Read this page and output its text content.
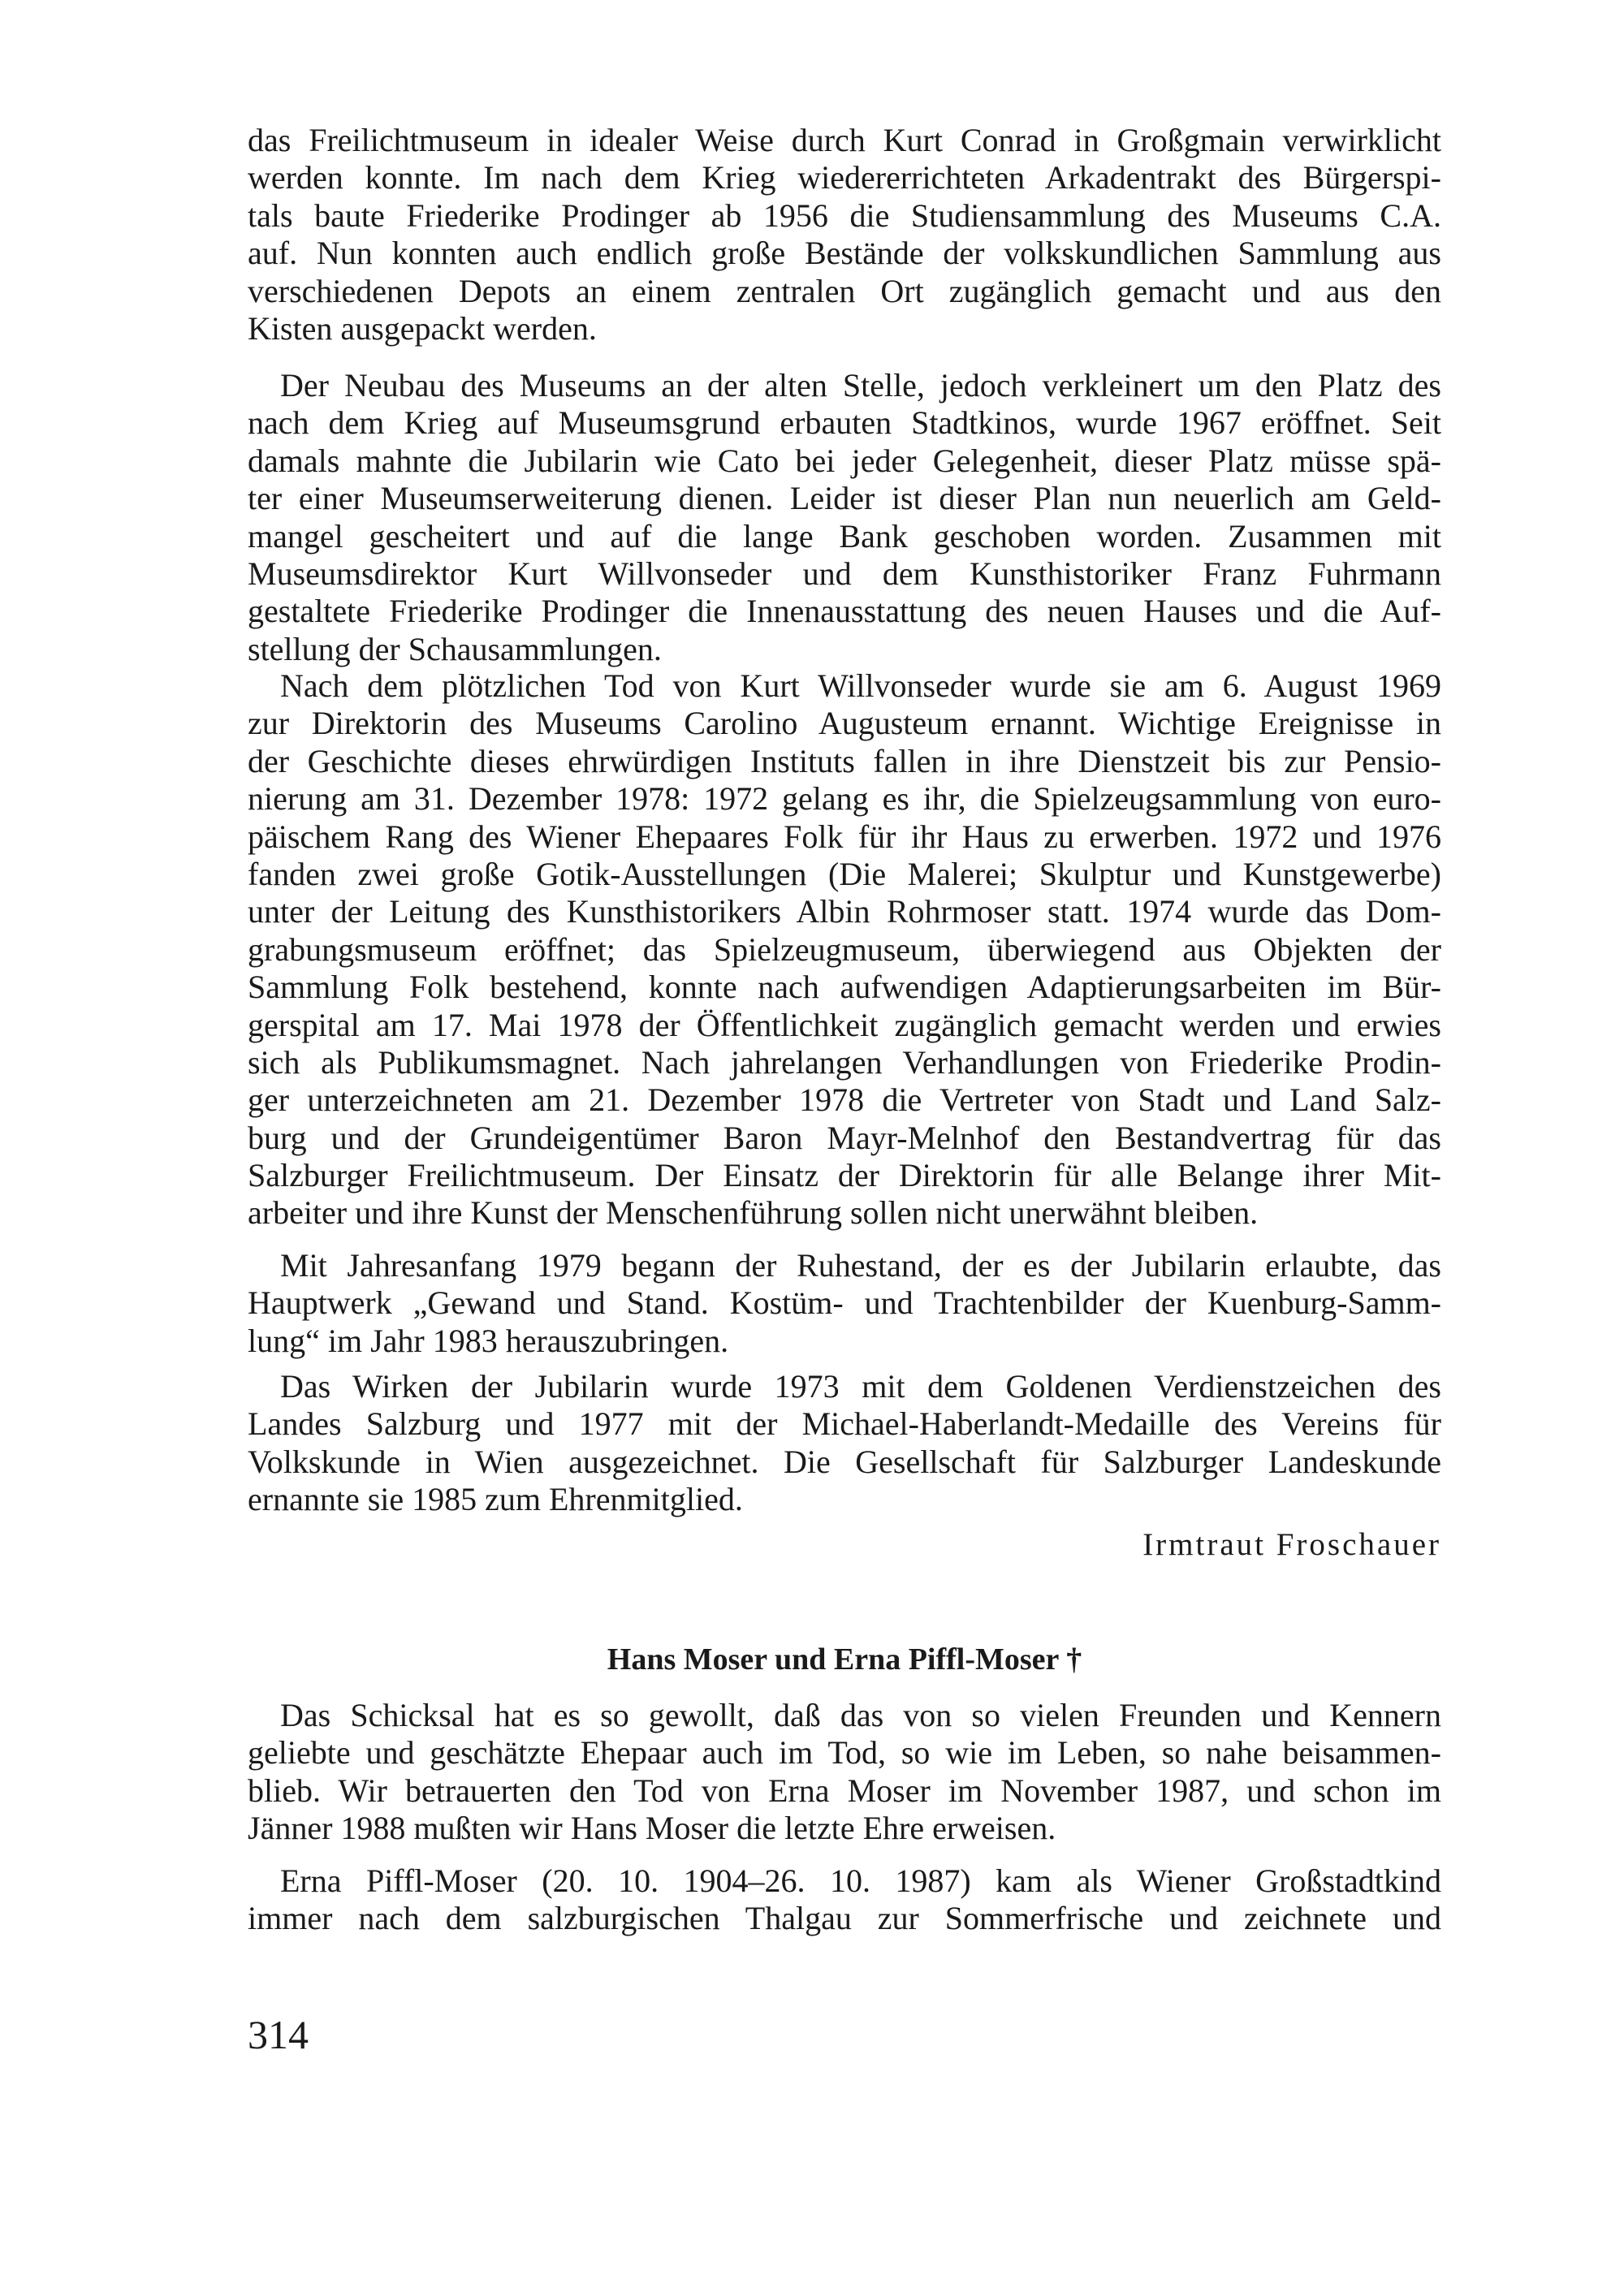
Irmtraut Froschauer
Hans Moser und Erna Piffl-Moser †
314
das Freilichtmuseum in idealer Weise durch Kurt Conrad in Großgmain verwirklicht
werden konnte. Im nach dem Krieg wiedererrichteten Arkadentrakt des Bürgerspi-
tals baute Friederike Prodinger ab 1956 die Studiensammlung des Museums C.A.
auf. Nun konnten auch endlich große Bestände der volkskundlichen Sammlung aus
verschiedenen Depots an einem zentralen Ort zugänglich gemacht und aus den
Kisten ausgepackt werden.
Der Neubau des Museums an der alten Stelle, jedoch verkleinert um den Platz des
nach dem Krieg auf Museumsgrund erbauten Stadtkinos, wurde 1967 eröffnet. Seit
damals mahnte die Jubilarin wie Cato bei jeder Gelegenheit, dieser Platz müsse spä-
ter einer Museumserweiterung dienen. Leider ist dieser Plan nun neuerlich am Geld-
mangel gescheitert und auf die lange Bank geschoben worden. Zusammen mit
Museumsdirektor Kurt Willvonseder und dem Kunsthistoriker Franz Fuhrmann
gestaltete Friederike Prodinger die Innenausstattung des neuen Hauses und die Auf-
stellung der Schausammlungen.
Nach dem plötzlichen Tod von Kurt Willvonseder wurde sie am 6. August 1969
zur Direktorin des Museums Carolino Augusteum ernannt. Wichtige Ereignisse in
der Geschichte dieses ehrwürdigen Instituts fallen in ihre Dienstzeit bis zur Pensio-
nierung am 31. Dezember 1978: 1972 gelang es ihr, die Spielzeugsammlung von euro-
päischem Rang des Wiener Ehepaares Folk für ihr Haus zu erwerben. 1972 und 1976
fanden zwei große Gotik-Ausstellungen (Die Malerei; Skulptur und Kunstgewerbe)
unter der Leitung des Kunsthistorikers Albin Rohrmoser statt. 1974 wurde das Dom-
grabungsmuseum eröffnet; das Spielzeugmuseum, überwiegend aus Objekten der
Sammlung Folk bestehend, konnte nach aufwendigen Adaptierungsarbeiten im Bür-
gerspital am 17. Mai 1978 der Öffentlichkeit zugänglich gemacht werden und erwies
sich als Publikumsmagnet. Nach jahrelangen Verhandlungen von Friederike Prodin-
ger unterzeichneten am 21. Dezember 1978 die Vertreter von Stadt und Land Salz-
burg und der Grundeigentümer Baron Mayr-Melnhof den Bestandvertrag für das
Salzburger Freilichtmuseum. Der Einsatz der Direktorin für alle Belange ihrer Mit-
arbeiter und ihre Kunst der Menschenführung sollen nicht unerwähnt bleiben.
Mit Jahresanfang 1979 begann der Ruhestand, der es der Jubilarin erlaubte, das
Hauptwerk „Gewand und Stand. Kostüm- und Trachtenbilder der Kuenburg-Samm-
lung“ im Jahr 1983 herauszubringen.
Das Wirken der Jubilarin wurde 1973 mit dem Goldenen Verdienstzeichen des
Landes Salzburg und 1977 mit der Michael-Haberlandt-Medaille des Vereins für
Volkskunde in Wien ausgezeichnet. Die Gesellschaft für Salzburger Landeskunde
ernannte sie 1985 zum Ehrenmitglied.
Das Schicksal hat es so gewollt, daß das von so vielen Freunden und Kennern
geliebte und geschätzte Ehepaar auch im Tod, so wie im Leben, so nahe beisammen-
blieb. Wir betrauerten den Tod von Erna Moser im November 1987, und schon im
Jänner 1988 mußten wir Hans Moser die letzte Ehre erweisen.
Erna Piffl-Moser (20. 10. 1904–26. 10. 1987) kam als Wiener Großstadtkind
immer nach dem salzburgischen Thalgau zur Sommerfrische und zeichnete und
